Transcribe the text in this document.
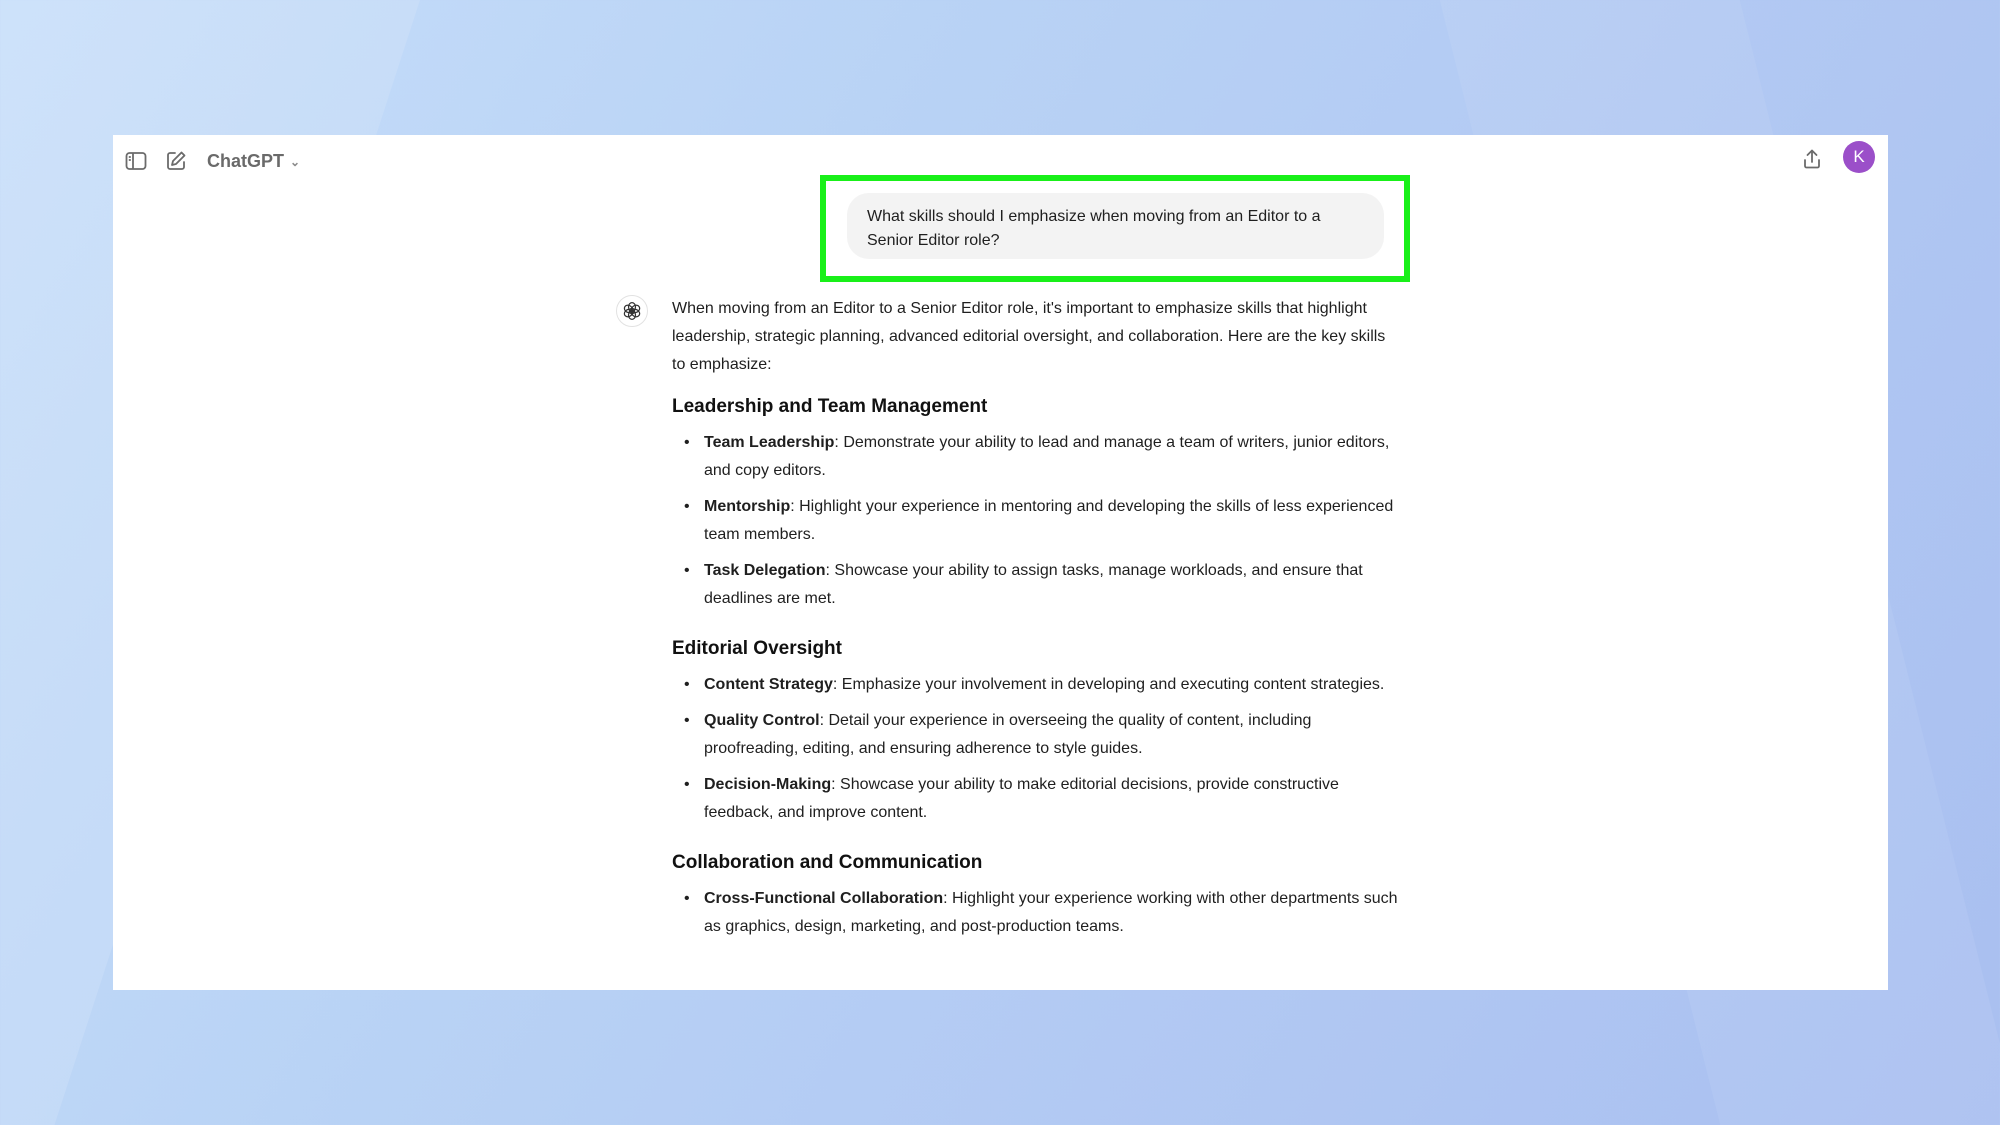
ChatGPT ⌄	K
What skills should I emphasize when moving from an Editor to a Senior Editor role?

When moving from an Editor to a Senior Editor role, it's important to emphasize skills that highlight leadership, strategic planning, advanced editorial oversight, and collaboration. Here are the key skills to emphasize:

Leadership and Team Management
• Team Leadership: Demonstrate your ability to lead and manage a team of writers, junior editors, and copy editors.
• Mentorship: Highlight your experience in mentoring and developing the skills of less experienced team members.
• Task Delegation: Showcase your ability to assign tasks, manage workloads, and ensure that deadlines are met.
Editorial Oversight
• Content Strategy: Emphasize your involvement in developing and executing content strategies.
• Quality Control: Detail your experience in overseeing the quality of content, including proofreading, editing, and ensuring adherence to style guides.
• Decision-Making: Showcase your ability to make editorial decisions, provide constructive feedback, and improve content.
Collaboration and Communication
• Cross-Functional Collaboration: Highlight your experience working with other departments such as graphics, design, marketing, and post-production teams.
